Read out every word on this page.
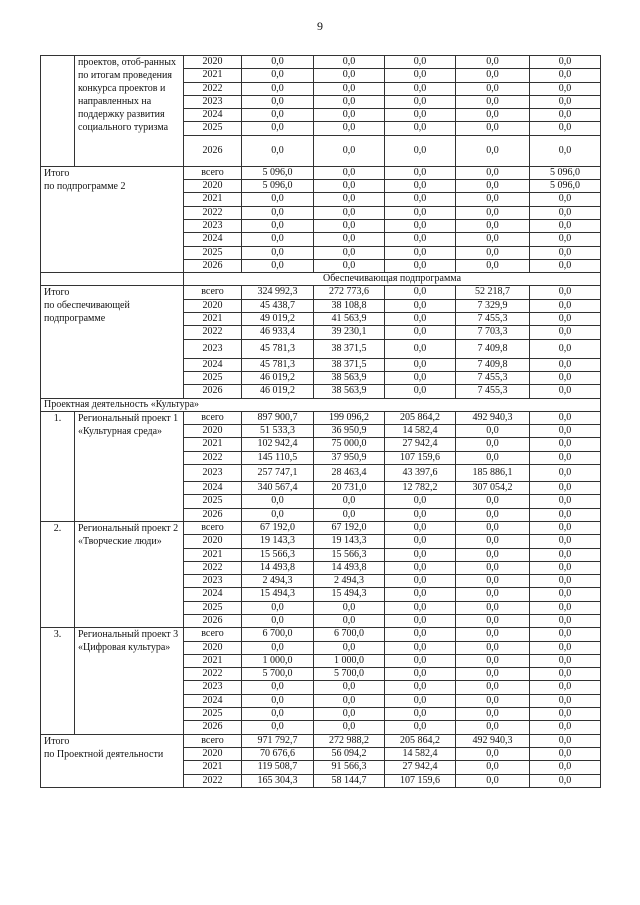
9
	проектов, отоб-ранных по итогам проведения конкурса проектов и направленных на поддержку развития социального туризма	2020	0,0	0,0	0,0	0,0	0,0
		2021	0,0	0,0	0,0	0,0	0,0
		2022	0,0	0,0	0,0	0,0	0,0
		2023	0,0	0,0	0,0	0,0	0,0
		2024	0,0	0,0	0,0	0,0	0,0
		2025	0,0	0,0	0,0	0,0	0,0
		2026	0,0	0,0	0,0	0,0	0,0
Итого
по подпрограмме 2		всего	5 096,0	0,0	0,0	0,0	5 096,0
		2020	5 096,0	0,0	0,0	0,0	5 096,0
		2021	0,0	0,0	0,0	0,0	0,0
		2022	0,0	0,0	0,0	0,0	0,0
		2023	0,0	0,0	0,0	0,0	0,0
		2024	0,0	0,0	0,0	0,0	0,0
		2025	0,0	0,0	0,0	0,0	0,0
		2026	0,0	0,0	0,0	0,0	0,0
		Обеспечивающая подпрограмма					
Итого
по обеспечивающей подпрограмме		всего	324 992,3	272 773,6	0,0	52 218,7	0,0
		2020	45 438,7	38 108,8	0,0	7 329,9	0,0
		2021	49 019,2	41 563,9	0,0	7 455,3	0,0
		2022	46 933,4	39 230,1	0,0	7 703,3	0,0
		2023	45 781,3	38 371,5	0,0	7 409,8	0,0
		2024	45 781,3	38 371,5	0,0	7 409,8	0,0
		2025	46 019,2	38 563,9	0,0	7 455,3	0,0
		2026	46 019,2	38 563,9	0,0	7 455,3	0,0
Проектная деятельность «Культура»							
1.	Региональный проект 1 «Культурная среда»	всего	897 900,7	199 096,2	205 864,2	492 940,3	0,0
		2020	51 533,3	36 950,9	14 582,4	0,0	0,0
		2021	102 942,4	75 000,0	27 942,4	0,0	0,0
		2022	145 110,5	37 950,9	107 159,6	0,0	0,0
		2023	257 747,1	28 463,4	43 397,6	185 886,1	0,0
		2024	340 567,4	20 731,0	12 782,2	307 054,2	0,0
		2025	0,0	0,0	0,0	0,0	0,0
		2026	0,0	0,0	0,0	0,0	0,0
2.	Региональный проект 2 «Творческие люди»	всего	67 192,0	67 192,0	0,0	0,0	0,0
		2020	19 143,3	19 143,3	0,0	0,0	0,0
		2021	15 566,3	15 566,3	0,0	0,0	0,0
		2022	14 493,8	14 493,8	0,0	0,0	0,0
		2023	2 494,3	2 494,3	0,0	0,0	0,0
		2024	15 494,3	15 494,3	0,0	0,0	0,0
		2025	0,0	0,0	0,0	0,0	0,0
		2026	0,0	0,0	0,0	0,0	0,0
3.	Региональный проект 3 «Цифровая культура»	всего	6 700,0	6 700,0	0,0	0,0	0,0
		2020	0,0	0,0	0,0	0,0	0,0
		2021	1 000,0	1 000,0	0,0	0,0	0,0
		2022	5 700,0	5 700,0	0,0	0,0	0,0
		2023	0,0	0,0	0,0	0,0	0,0
		2024	0,0	0,0	0,0	0,0	0,0
		2025	0,0	0,0	0,0	0,0	0,0
		2026	0,0	0,0	0,0	0,0	0,0
Итого
по Проектной деятельности		всего	971 792,7	272 988,2	205 864,2	492 940,3	0,0
		2020	70 676,6	56 094,2	14 582,4	0,0	0,0
		2021	119 508,7	91 566,3	27 942,4	0,0	0,0
		2022	165 304,3	58 144,7	107 159,6	0,0	0,0
